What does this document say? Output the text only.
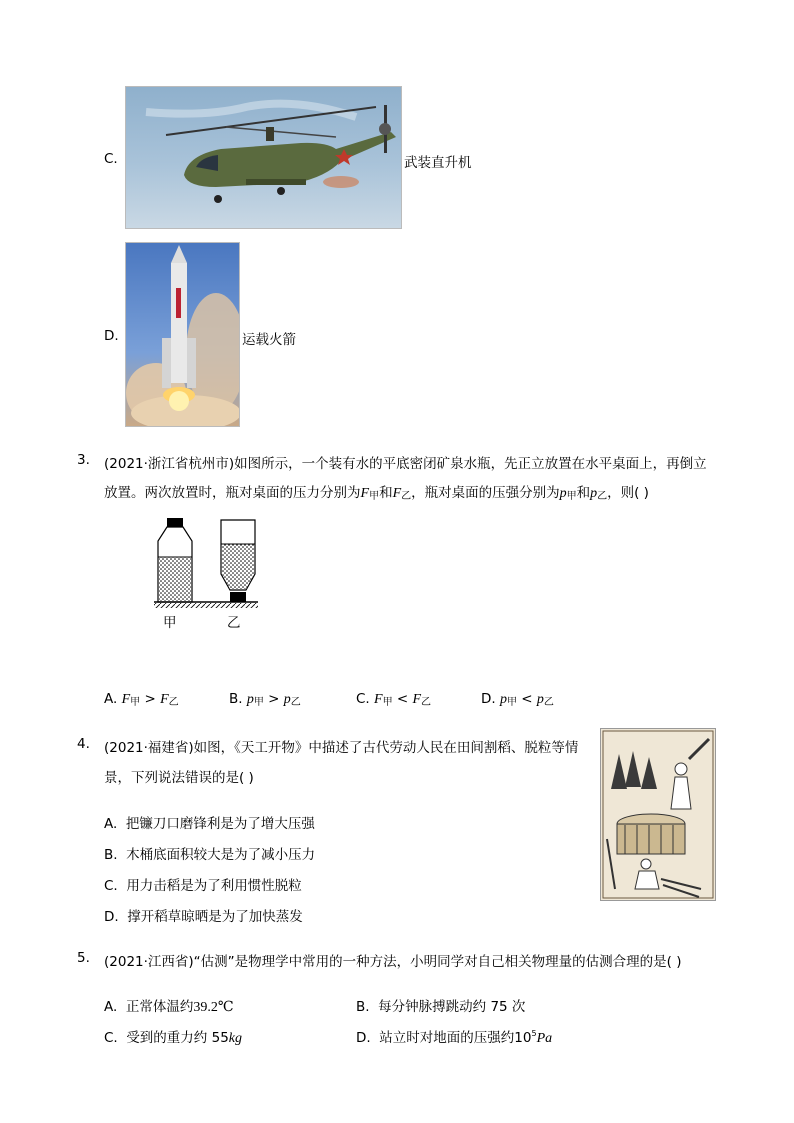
C.	武装直升机
D.	运载火箭
3. (2021·浙江省杭州市)如图所示，一个装有水的平底密闭矿泉水瓶，先正立放置在水平桌面上，再倒立
放置。两次放置时，瓶对桌面的压力分别为$F_甲$和$F_乙$，瓶对桌面的压强分别为$p_甲$和$p_乙$，则( )
甲	乙
A. $F_甲 > F_乙$	B. $p_甲 > p_乙$	C. $F_甲 < F_乙$	D. $p_甲 < p_乙$
4. (2021·福建省)如图，《天工开物》中描述了古代劳动人民在田间割稻、脱粒等情
景，下列说法错误的是( )
A. 把镰刀口磨锋利是为了增大压强
B. 木桶底面积较大是为了减小压力
C. 用力击稻是为了利用惯性脱粒
D. 撑开稻草晾晒是为了加快蒸发
5. (2021·江西省)“估测”是物理学中常用的一种方法，小明同学对自己相关物理量的估测合理的是( )
A. 正常体温约39.2℃	B. 每分钟脉搏跳动约 75 次
C. 受到的重力约 55kg	D. 站立时对地面的压强约$10^5Pa$
